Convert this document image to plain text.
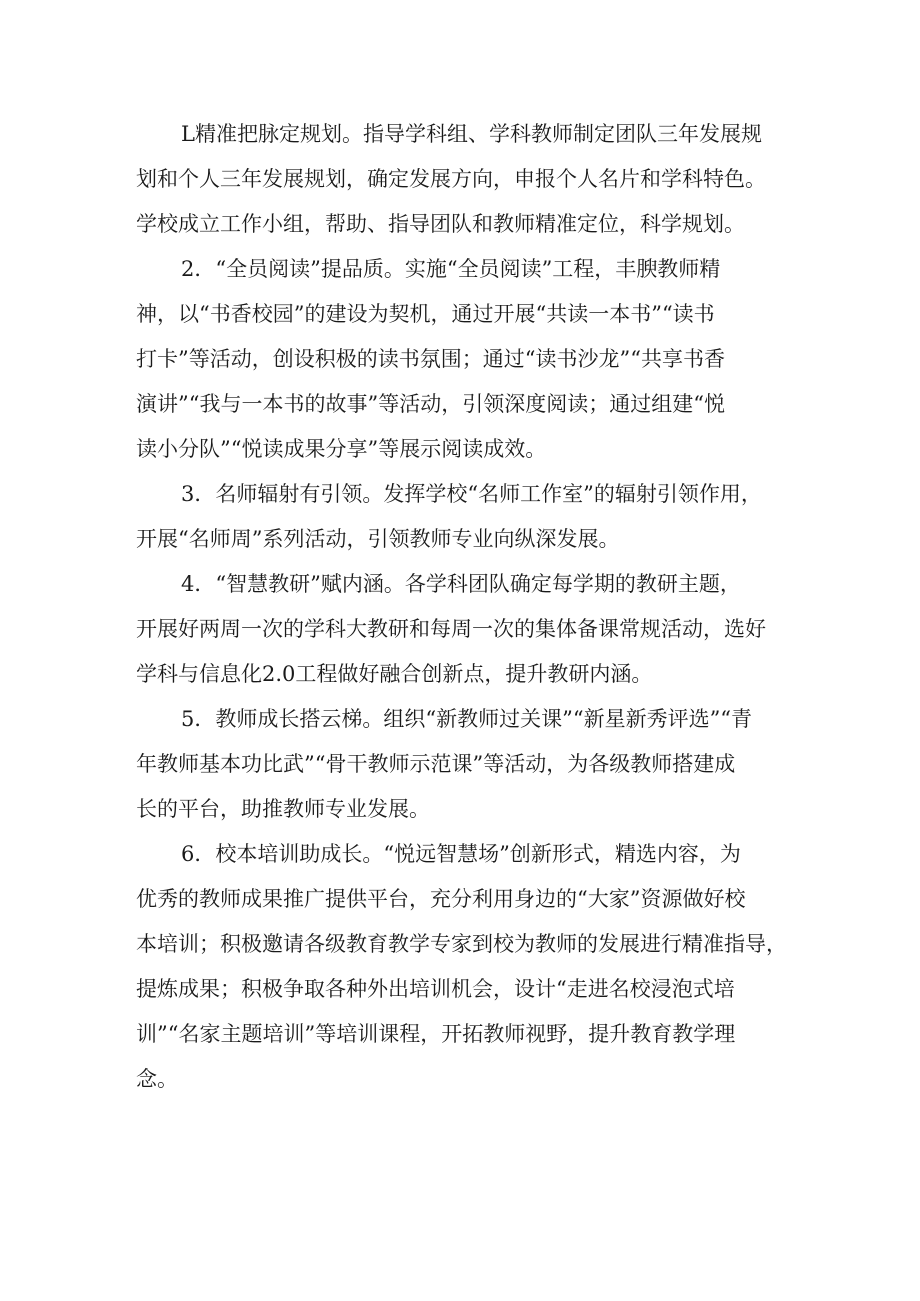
L精准把脉定规划。指导学科组、学科教师制定团队三年发展规
划和个人三年发展规划，确定发展方向，申报个人名片和学科特色。
学校成立工作小组，帮助、指导团队和教师精准定位，科学规划。

2．“全员阅读”提品质。实施“全员阅读”工程，丰腴教师精
神，以“书香校园”的建设为契机，通过开展“共读一本书”“读书
打卡”等活动，创设积极的读书氛围；通过“读书沙龙”“共享书香
演讲”“我与一本书的故事”等活动，引领深度阅读；通过组建“悦
读小分队”“悦读成果分享”等展示阅读成效。

3．名师辐射有引领。发挥学校“名师工作室”的辐射引领作用，
开展“名师周”系列活动，引领教师专业向纵深发展。

4．“智慧教研”赋内涵。各学科团队确定每学期的教研主题，
开展好两周一次的学科大教研和每周一次的集体备课常规活动，选好
学科与信息化2.0工程做好融合创新点，提升教研内涵。

5．教师成长搭云梯。组织“新教师过关课”“新星新秀评选”“青
年教师基本功比武”“骨干教师示范课”等活动，为各级教师搭建成
长的平台，助推教师专业发展。

6．校本培训助成长。“悦远智慧场”创新形式，精选内容，为
优秀的教师成果推广提供平台，充分利用身边的“大家”资源做好校
本培训；积极邀请各级教育教学专家到校为教师的发展进行精准指导，
提炼成果；积极争取各种外出培训机会，设计“走进名校浸泡式培
训”“名家主题培训”等培训课程，开拓教师视野，提升教育教学理
念。
